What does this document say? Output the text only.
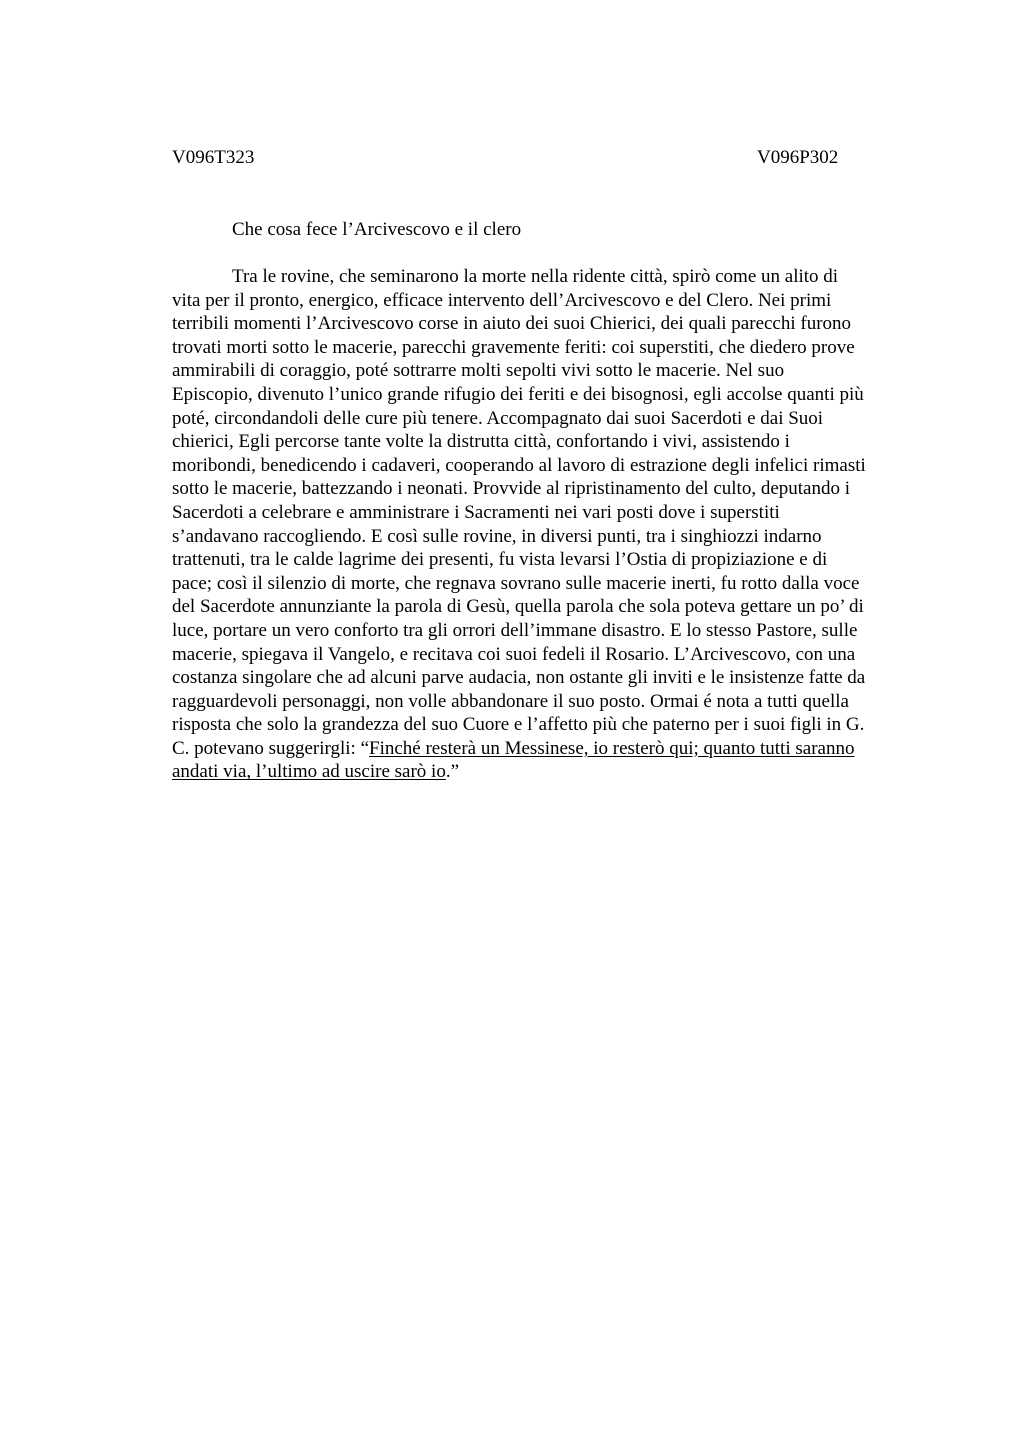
V096T323	V096P302
Che cosa fece l’Arcivescovo e il clero
Tra le rovine, che seminarono la morte nella ridente città, spirò come un alito di
vita per il pronto, energico, efficace intervento dell’Arcivescovo e del Clero. Nei primi
terribili momenti l’Arcivescovo corse in aiuto dei suoi Chierici, dei quali parecchi furono
trovati morti sotto le macerie, parecchi gravemente feriti: coi superstiti, che diedero prove
ammirabili di coraggio, poté sottrarre molti sepolti vivi sotto le macerie. Nel suo
Episcopio, divenuto l’unico grande rifugio dei feriti e dei bisognosi, egli accolse quanti più
poté, circondandoli delle cure più tenere. Accompagnato dai suoi Sacerdoti e dai Suoi
chierici, Egli percorse tante volte la distrutta città, confortando i vivi, assistendo i
moribondi, benedicendo i cadaveri, cooperando al lavoro di estrazione degli infelici rimasti
sotto le macerie, battezzando i neonati. Provvide al ripristinamento del culto, deputando i
Sacerdoti a celebrare e amministrare i Sacramenti nei vari posti dove i superstiti
s’andavano raccogliendo. E così sulle rovine, in diversi punti, tra i singhiozzi indarno
trattenuti, tra le calde lagrime dei presenti, fu vista levarsi l’Ostia di propiziazione e di
pace; così il silenzio di morte, che regnava sovrano sulle macerie inerti, fu rotto dalla voce
del Sacerdote annunziante la parola di Gesù, quella parola che sola poteva gettare un po’ di
luce, portare un vero conforto tra gli orrori dell’immane disastro. E lo stesso Pastore, sulle
macerie, spiegava il Vangelo, e recitava coi suoi fedeli il Rosario. L’Arcivescovo, con una
costanza singolare che ad alcuni parve audacia, non ostante gli inviti e le insistenze fatte da
ragguardevoli personaggi, non volle abbandonare il suo posto. Ormai é nota a tutti quella
risposta che solo la grandezza del suo Cuore e l’affetto più che paterno per i suoi figli in G.
C. potevano suggerirgli: “Finché resterà un Messinese, io resterò qui; quanto tutti saranno
andati via, l’ultimo ad uscire sarò io.”
